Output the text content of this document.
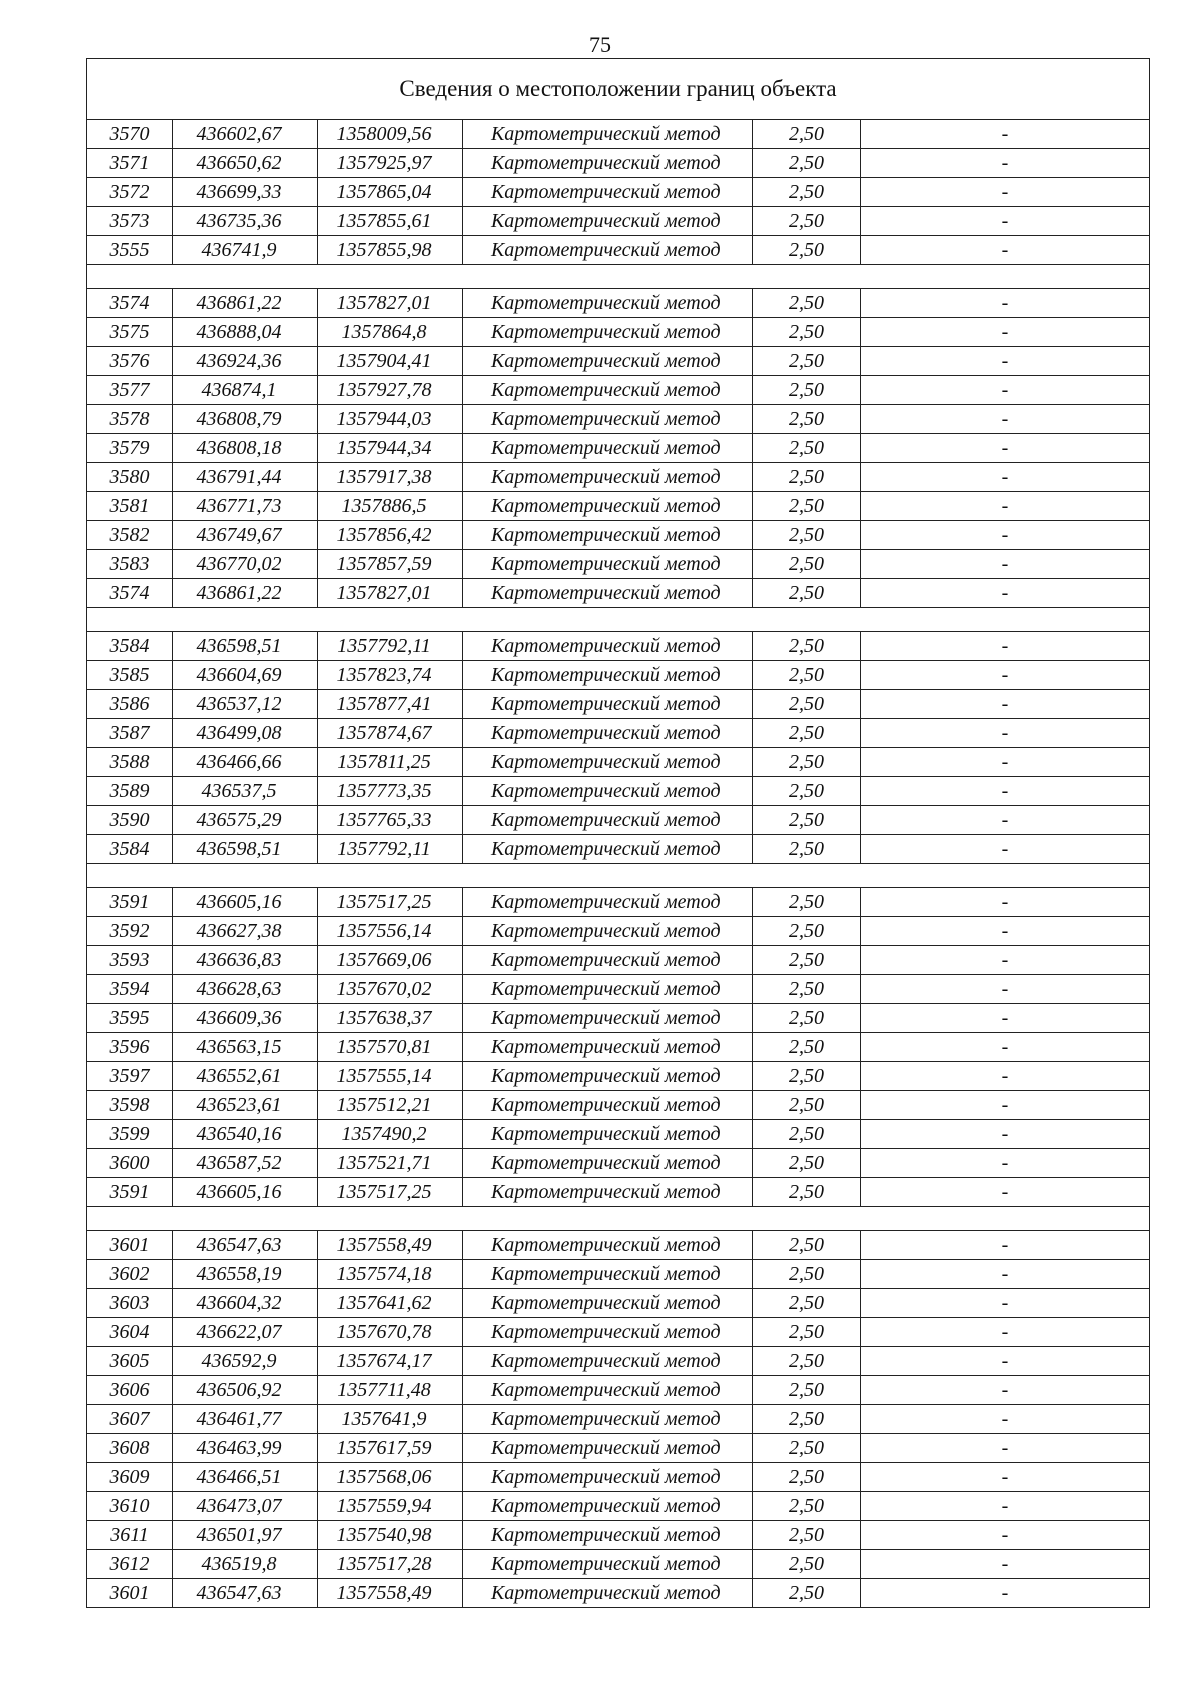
75
Сведения о местоположении границ объекта					
3570	436602,67	1358009,56	Картометрический метод	2,50	-
3571	436650,62	1357925,97	Картометрический метод	2,50	-
3572	436699,33	1357865,04	Картометрический метод	2,50	-
3573	436735,36	1357855,61	Картометрический метод	2,50	-
3555	436741,9	1357855,98	Картометрический метод	2,50	-

3574	436861,22	1357827,01	Картометрический метод	2,50	-
3575	436888,04	1357864,8	Картометрический метод	2,50	-
3576	436924,36	1357904,41	Картометрический метод	2,50	-
3577	436874,1	1357927,78	Картометрический метод	2,50	-
3578	436808,79	1357944,03	Картометрический метод	2,50	-
3579	436808,18	1357944,34	Картометрический метод	2,50	-
3580	436791,44	1357917,38	Картометрический метод	2,50	-
3581	436771,73	1357886,5	Картометрический метод	2,50	-
3582	436749,67	1357856,42	Картометрический метод	2,50	-
3583	436770,02	1357857,59	Картометрический метод	2,50	-
3574	436861,22	1357827,01	Картометрический метод	2,50	-

3584	436598,51	1357792,11	Картометрический метод	2,50	-
3585	436604,69	1357823,74	Картометрический метод	2,50	-
3586	436537,12	1357877,41	Картометрический метод	2,50	-
3587	436499,08	1357874,67	Картометрический метод	2,50	-
3588	436466,66	1357811,25	Картометрический метод	2,50	-
3589	436537,5	1357773,35	Картометрический метод	2,50	-
3590	436575,29	1357765,33	Картометрический метод	2,50	-
3584	436598,51	1357792,11	Картометрический метод	2,50	-

3591	436605,16	1357517,25	Картометрический метод	2,50	-
3592	436627,38	1357556,14	Картометрический метод	2,50	-
3593	436636,83	1357669,06	Картометрический метод	2,50	-
3594	436628,63	1357670,02	Картометрический метод	2,50	-
3595	436609,36	1357638,37	Картометрический метод	2,50	-
3596	436563,15	1357570,81	Картометрический метод	2,50	-
3597	436552,61	1357555,14	Картометрический метод	2,50	-
3598	436523,61	1357512,21	Картометрический метод	2,50	-
3599	436540,16	1357490,2	Картометрический метод	2,50	-
3600	436587,52	1357521,71	Картометрический метод	2,50	-
3591	436605,16	1357517,25	Картометрический метод	2,50	-

3601	436547,63	1357558,49	Картометрический метод	2,50	-
3602	436558,19	1357574,18	Картометрический метод	2,50	-
3603	436604,32	1357641,62	Картометрический метод	2,50	-
3604	436622,07	1357670,78	Картометрический метод	2,50	-
3605	436592,9	1357674,17	Картометрический метод	2,50	-
3606	436506,92	1357711,48	Картометрический метод	2,50	-
3607	436461,77	1357641,9	Картометрический метод	2,50	-
3608	436463,99	1357617,59	Картометрический метод	2,50	-
3609	436466,51	1357568,06	Картометрический метод	2,50	-
3610	436473,07	1357559,94	Картометрический метод	2,50	-
3611	436501,97	1357540,98	Картометрический метод	2,50	-
3612	436519,8	1357517,28	Картометрический метод	2,50	-
3601	436547,63	1357558,49	Картометрический метод	2,50	-
